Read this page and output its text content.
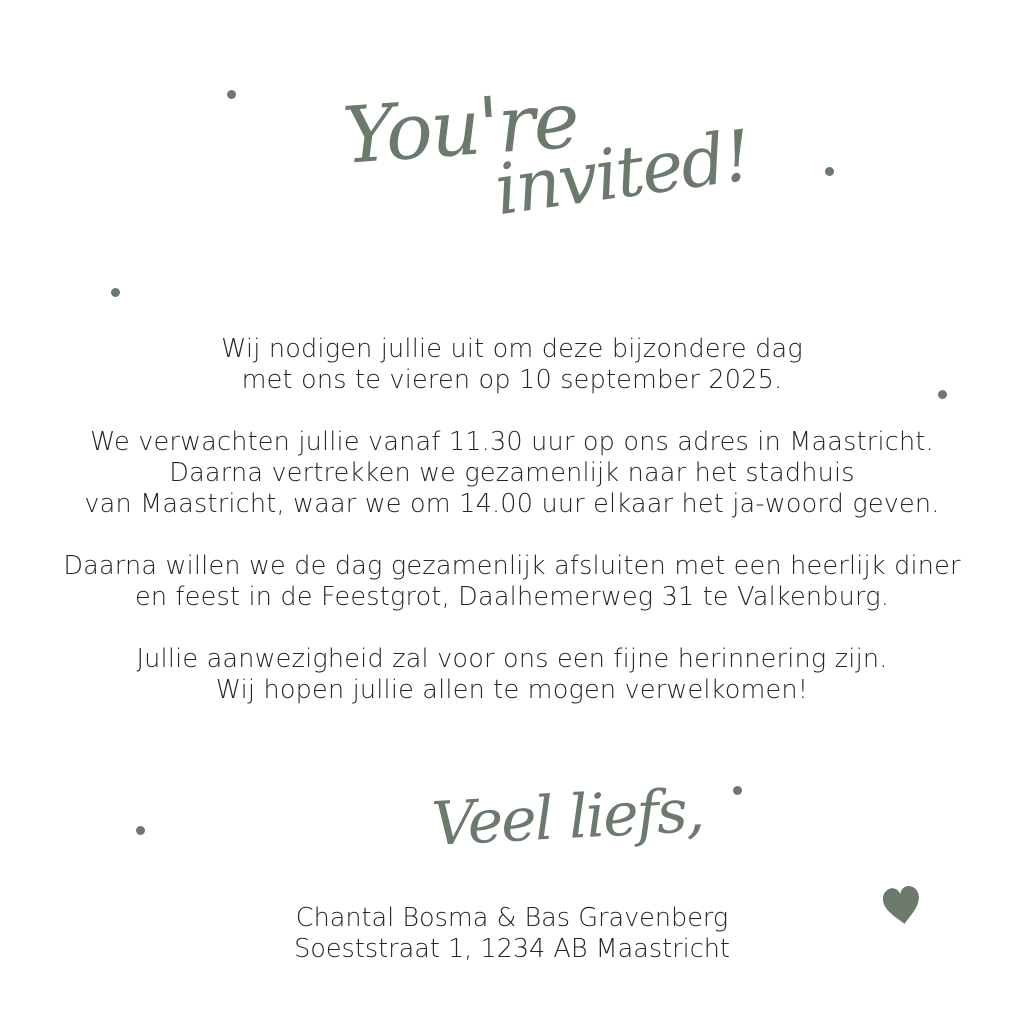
You're
invited!

Wij nodigen jullie uit om deze bijzondere dag
met ons te vieren op 10 september 2025.

We verwachten jullie vanaf 11.30 uur op ons adres in Maastricht.
Daarna vertrekken we gezamenlijk naar het stadhuis
van Maastricht, waar we om 14.00 uur elkaar het ja-woord geven.

Daarna willen we de dag gezamenlijk afsluiten met een heerlijk diner
en feest in de Feestgrot, Daalhemerweg 31 te Valkenburg.

Jullie aanwezigheid zal voor ons een fijne herinnering zijn.
Wij hopen jullie allen te mogen verwelkomen!

Veel liefs,
Chantal Bosma & Bas Gravenberg
Soeststraat 1, 1234 AB Maastricht
